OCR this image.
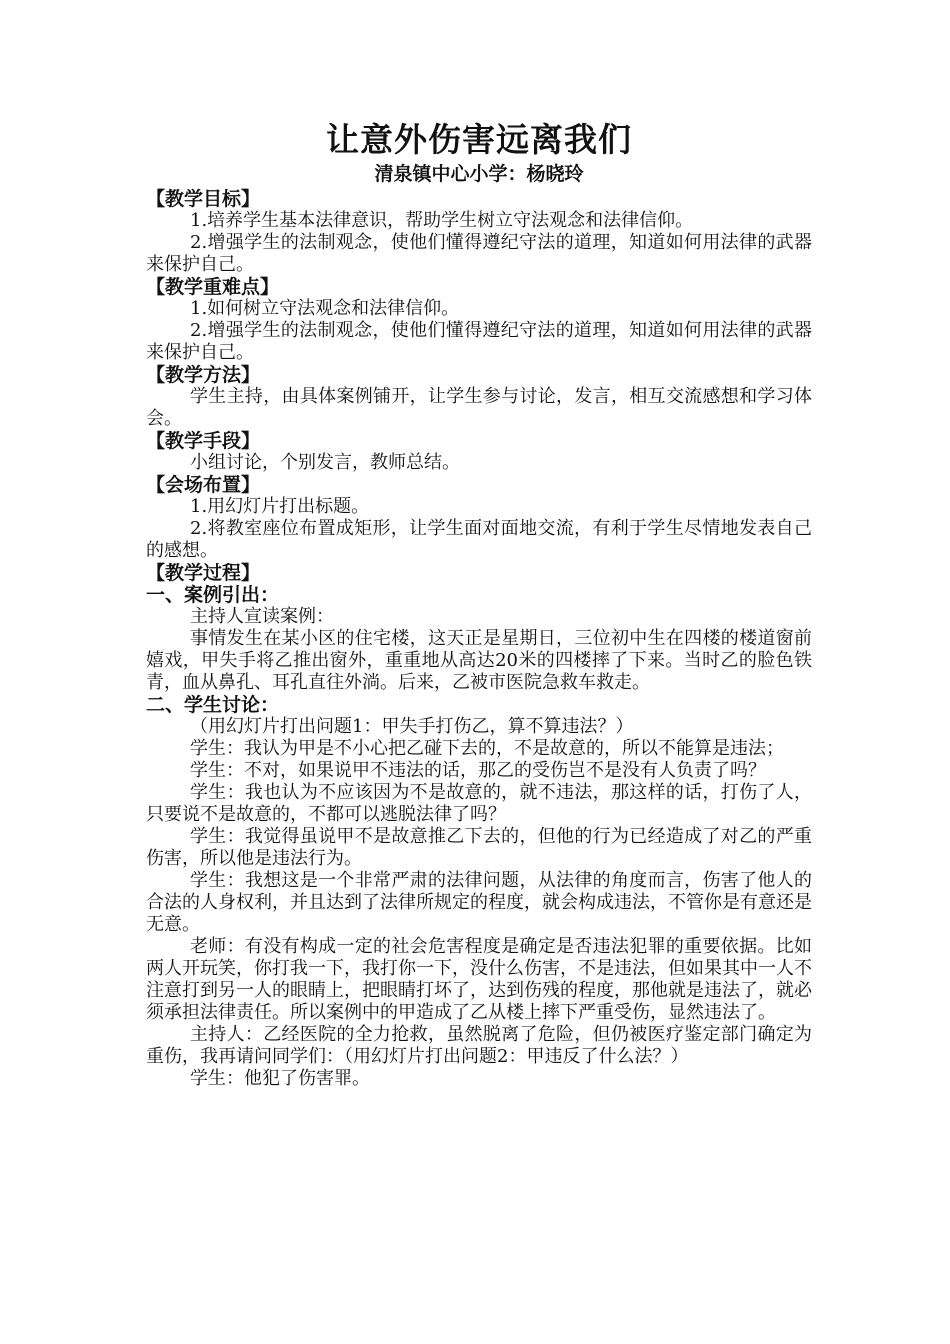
让意外伤害远离我们
清泉镇中心小学：杨晓玲
【教学目标】
1.培养学生基本法律意识，帮助学生树立守法观念和法律信仰。
2.增强学生的法制观念，使他们懂得遵纪守法的道理，知道如何用法律的武器来保护自己。
【教学重难点】
1.如何树立守法观念和法律信仰。
2.增强学生的法制观念，使他们懂得遵纪守法的道理，知道如何用法律的武器来保护自己。
【教学方法】
学生主持，由具体案例铺开，让学生参与讨论，发言，相互交流感想和学习体会。
【教学手段】
小组讨论，个别发言，教师总结。
【会场布置】
1.用幻灯片打出标题。
2.将教室座位布置成矩形，让学生面对面地交流，有利于学生尽情地发表自己的感想。
【教学过程】
一、案例引出：
主持人宣读案例：
事情发生在某小区的住宅楼，这天正是星期日，三位初中生在四楼的楼道窗前嬉戏，甲失手将乙推出窗外，重重地从高达20米的四楼摔了下来。当时乙的脸色铁青，血从鼻孔、耳孔直往外淌。后来，乙被市医院急救车救走。
二、学生讨论：
（用幻灯片打出问题1：甲失手打伤乙，算不算违法？）
学生：我认为甲是不小心把乙碰下去的，不是故意的，所以不能算是违法；
学生：不对，如果说甲不违法的话，那乙的受伤岂不是没有人负责了吗？
学生：我也认为不应该因为不是故意的，就不违法，那这样的话，打伤了人，只要说不是故意的，不都可以逃脱法律了吗？
学生：我觉得虽说甲不是故意推乙下去的，但他的行为已经造成了对乙的严重伤害，所以他是违法行为。
学生：我想这是一个非常严肃的法律问题，从法律的角度而言，伤害了他人的合法的人身权利，并且达到了法律所规定的程度，就会构成违法，不管你是有意还是无意。
老师：有没有构成一定的社会危害程度是确定是否违法犯罪的重要依据。比如两人开玩笑，你打我一下，我打你一下，没什么伤害，不是违法，但如果其中一人不注意打到另一人的眼睛上，把眼睛打坏了，达到伤残的程度，那他就是违法了，就必须承担法律责任。所以案例中的甲造成了乙从楼上摔下严重受伤，显然违法了。
主持人：乙经医院的全力抢救，虽然脱离了危险，但仍被医疗鉴定部门确定为重伤，我再请问同学们：（用幻灯片打出问题2：甲违反了什么法？）
学生：他犯了伤害罪。
